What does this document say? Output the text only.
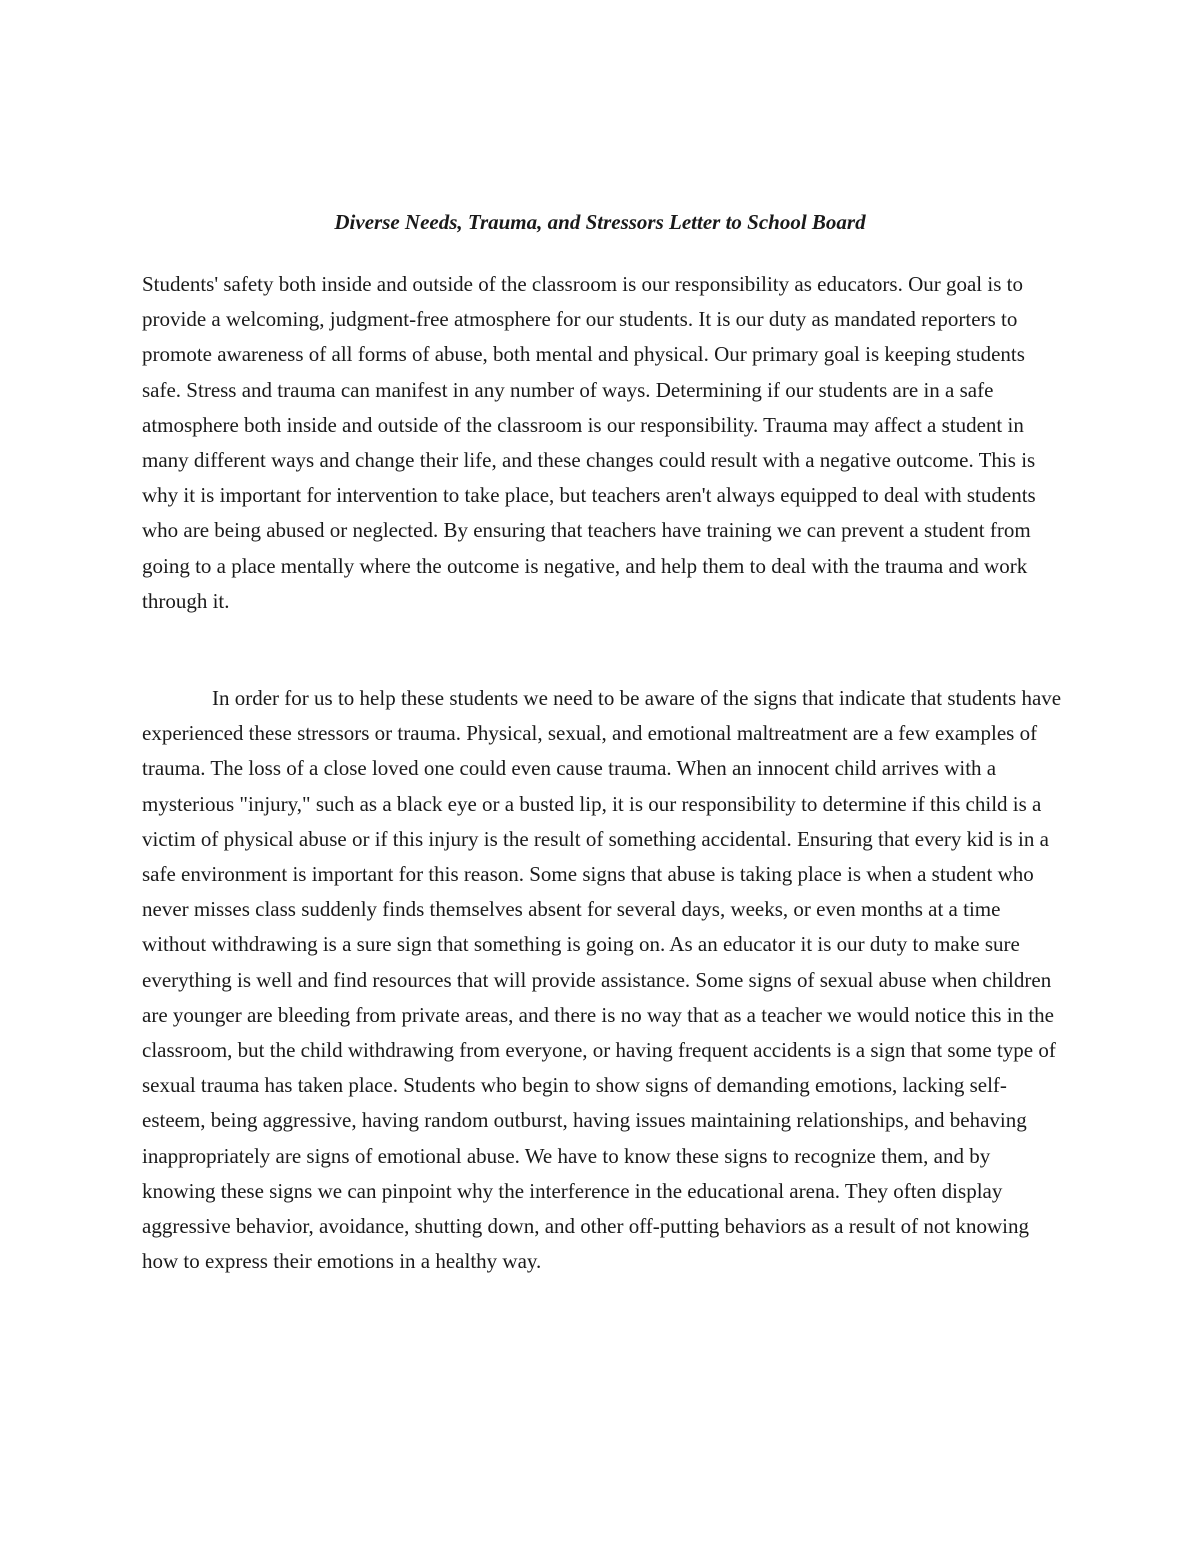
Diverse Needs, Trauma, and Stressors Letter to School Board

Students' safety both inside and outside of the classroom is our responsibility as educators. Our goal is to provide a welcoming, judgment-free atmosphere for our students. It is our duty as mandated reporters to promote awareness of all forms of abuse, both mental and physical. Our primary goal is keeping students safe. Stress and trauma can manifest in any number of ways. Determining if our students are in a safe atmosphere both inside and outside of the classroom is our responsibility. Trauma may affect a student in many different ways and change their life, and these changes could result with a negative outcome. This is why it is important for intervention to take place, but teachers aren't always equipped to deal with students who are being abused or neglected. By ensuring that teachers have training we can prevent a student from going to a place mentally where the outcome is negative, and help them to deal with the trauma and work through it.

In order for us to help these students we need to be aware of the signs that indicate that students have experienced these stressors or trauma. Physical, sexual, and emotional maltreatment are a few examples of trauma. The loss of a close loved one could even cause trauma. When an innocent child arrives with a mysterious "injury," such as a black eye or a busted lip, it is our responsibility to determine if this child is a victim of physical abuse or if this injury is the result of something accidental. Ensuring that every kid is in a safe environment is important for this reason. Some signs that abuse is taking place is when a student who never misses class suddenly finds themselves absent for several days, weeks, or even months at a time without withdrawing is a sure sign that something is going on. As an educator it is our duty to make sure everything is well and find resources that will provide assistance. Some signs of sexual abuse when children are younger are bleeding from private areas, and there is no way that as a teacher we would notice this in the classroom, but the child withdrawing from everyone, or having frequent accidents is a sign that some type of sexual trauma has taken place. Students who begin to show signs of demanding emotions, lacking self-esteem, being aggressive, having random outburst, having issues maintaining relationships, and behaving inappropriately are signs of emotional abuse. We have to know these signs to recognize them, and by knowing these signs we can pinpoint why the interference in the educational arena. They often display aggressive behavior, avoidance, shutting down, and other off-putting behaviors as a result of not knowing how to express their emotions in a healthy way.
